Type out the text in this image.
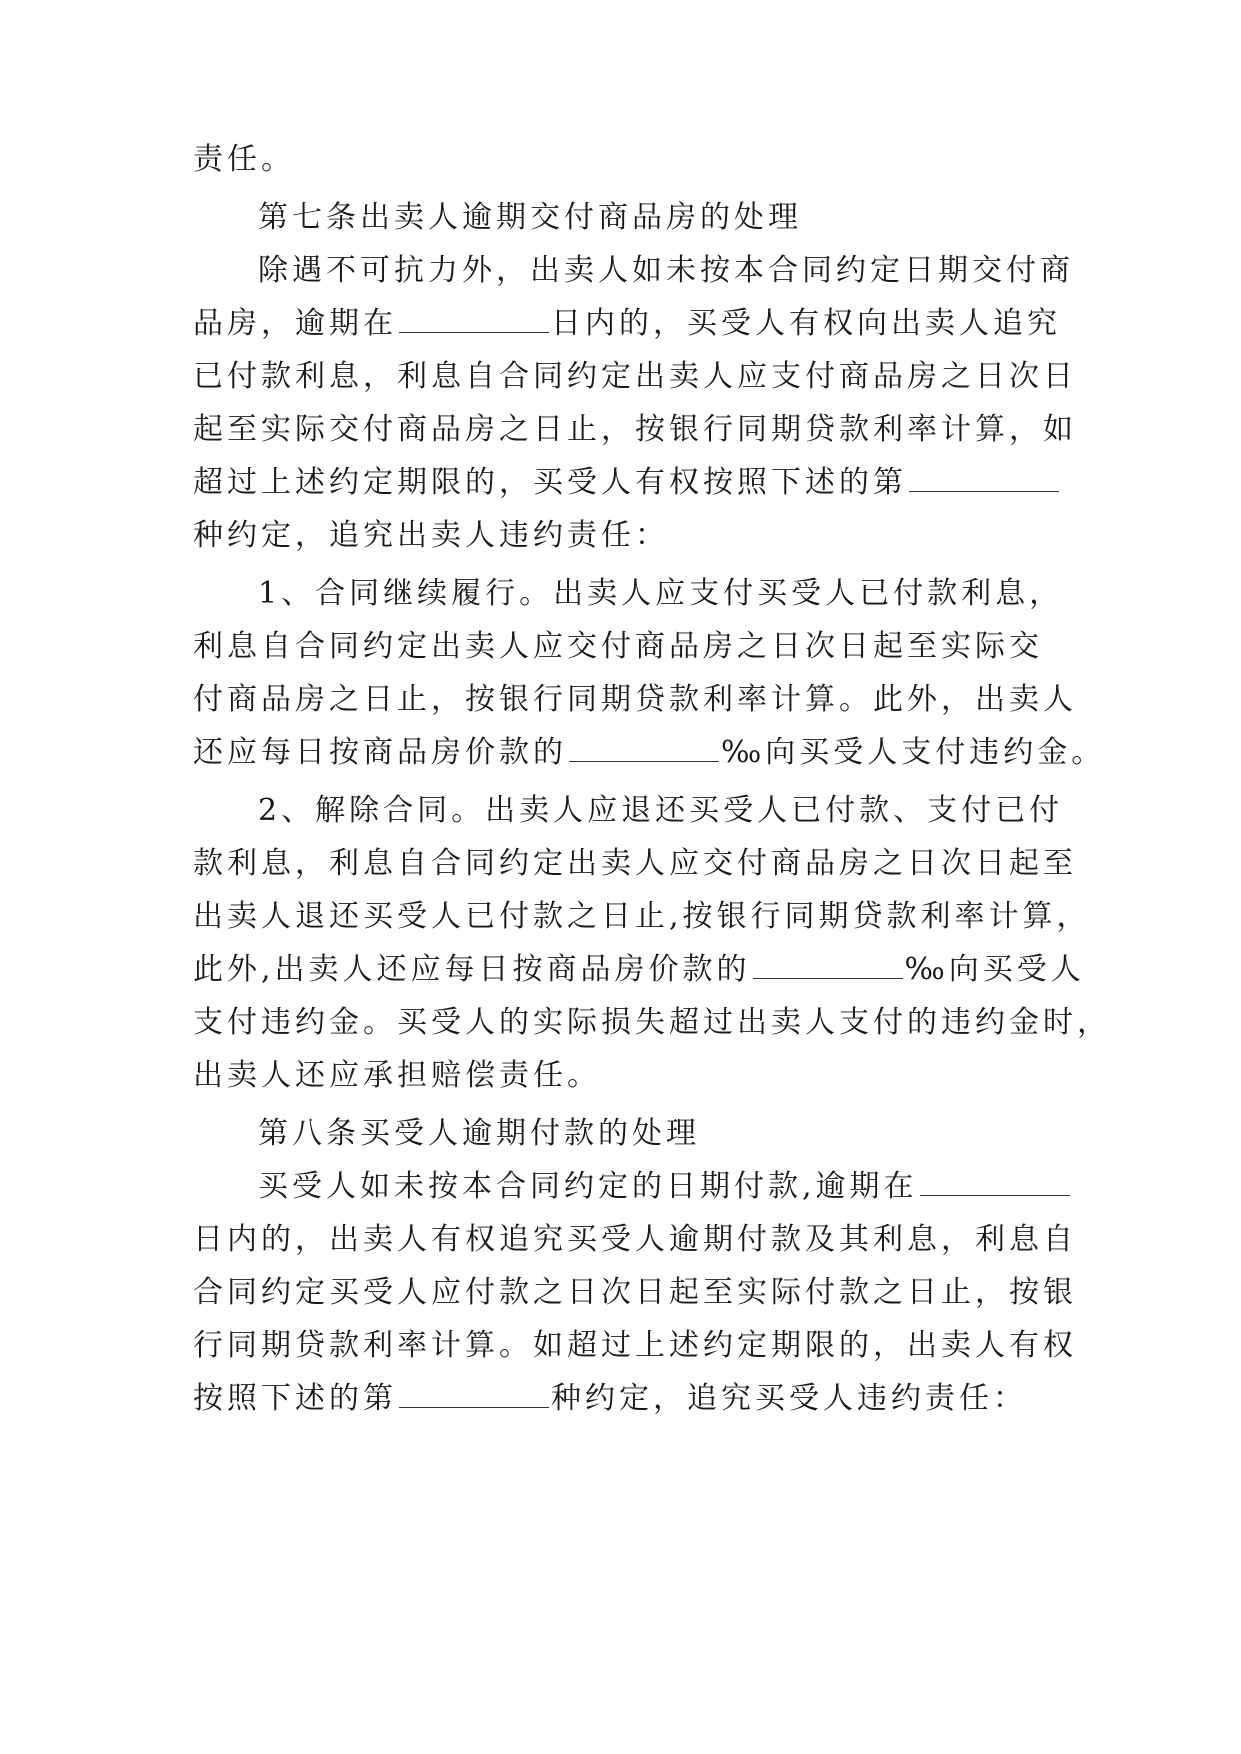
责任。
第七条出卖人逾期交付商品房的处理
除遇不可抗力外，出卖人如未按本合同约定日期交付商
品房，逾期在	日内的，买受人有权向出卖人追究
已付款利息，利息自合同约定出卖人应支付商品房之日次日
起至实际交付商品房之日止，按银行同期贷款利率计算，如
超过上述约定期限的，买受人有权按照下述的第
种约定，追究出卖人违约责任：
1、合同继续履行。出卖人应支付买受人已付款利息，
利息自合同约定出卖人应交付商品房之日次日起至实际交
付商品房之日止，按银行同期贷款利率计算。此外，出卖人
还应每日按商品房价款的	‰向买受人支付违约金。
2、解除合同。出卖人应退还买受人已付款、支付已付
款利息，利息自合同约定出卖人应交付商品房之日次日起至
出卖人退还买受人已付款之日止,按银行同期贷款利率计算，
此外,出卖人还应每日按商品房价款的	‰向买受人
支付违约金。买受人的实际损失超过出卖人支付的违约金时，
出卖人还应承担赔偿责任。
第八条买受人逾期付款的处理
买受人如未按本合同约定的日期付款,逾期在
日内的，出卖人有权追究买受人逾期付款及其利息，利息自
合同约定买受人应付款之日次日起至实际付款之日止，按银
行同期贷款利率计算。如超过上述约定期限的，出卖人有权
按照下述的第	种约定，追究买受人违约责任：
